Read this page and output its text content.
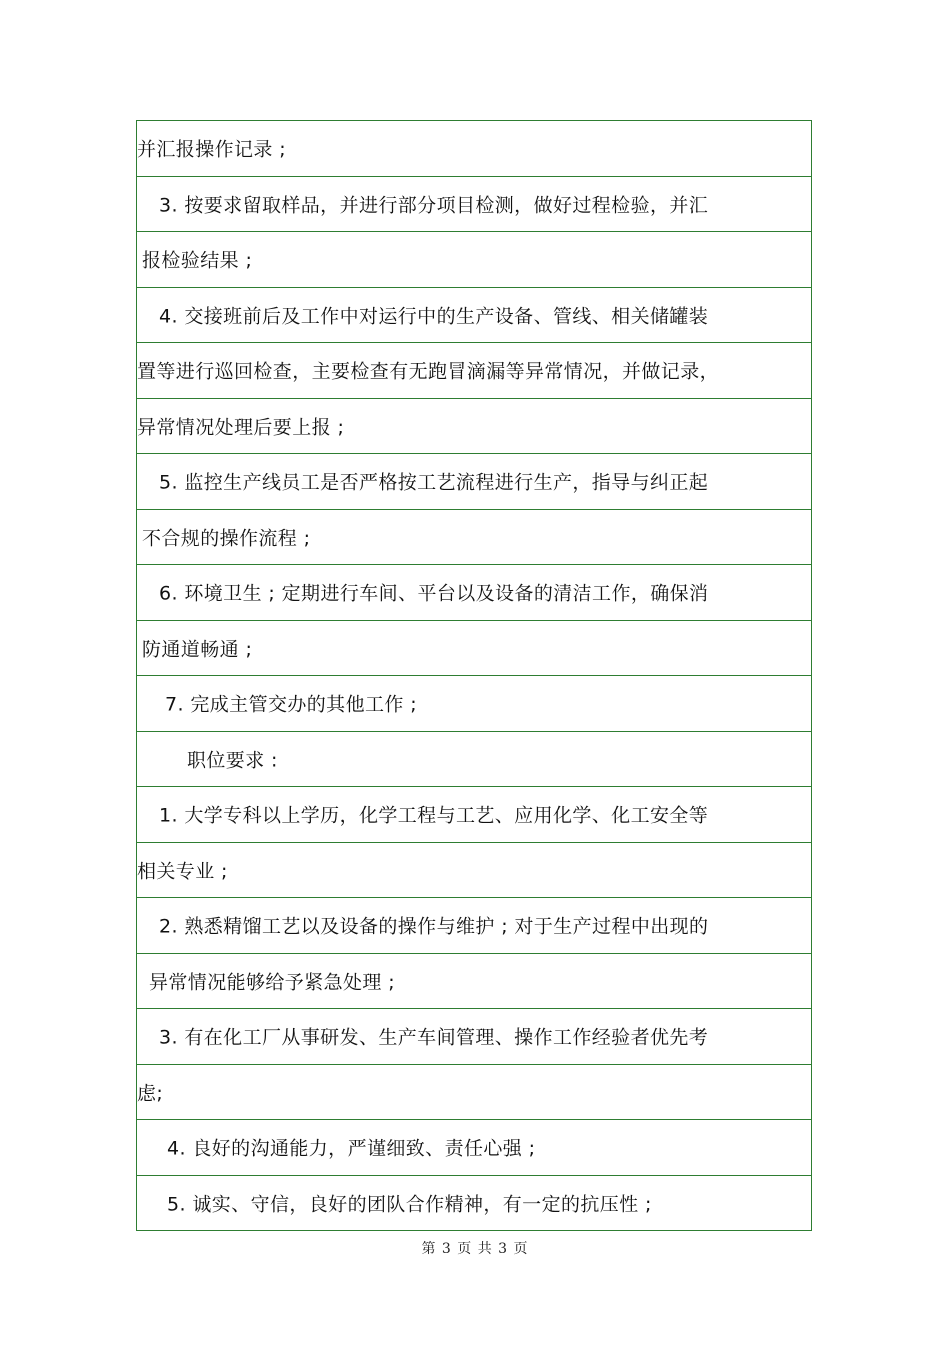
并汇报操作记录 ;
3. 按要求留取样品，并进行部分项目检测，做好过程检验，并汇
报检验结果 ;
4. 交接班前后及工作中对运行中的生产设备、管线、相关储罐装
置等进行巡回检查，主要检查有无跑冒滴漏等异常情况，并做记录，
异常情况处理后要上报 ;
5. 监控生产线员工是否严格按工艺流程进行生产，指导与纠正起
不合规的操作流程 ;
6. 环境卫生 ; 定期进行车间、平台以及设备的清洁工作，确保消
防通道畅通 ;
7. 完成主管交办的其他工作 ;
职位要求 :
1. 大学专科以上学历，化学工程与工艺、应用化学、化工安全等
相关专业 ;
2. 熟悉精馏工艺以及设备的操作与维护 ; 对于生产过程中出现的
异常情况能够给予紧急处理 ;
3. 有在化工厂从事研发、生产车间管理、操作工作经验者优先考
虑;
4. 良好的沟通能力，严谨细致、责任心强 ;
5. 诚实、守信，良好的团队合作精神，有一定的抗压性 ;
第 3 页 共 3 页
